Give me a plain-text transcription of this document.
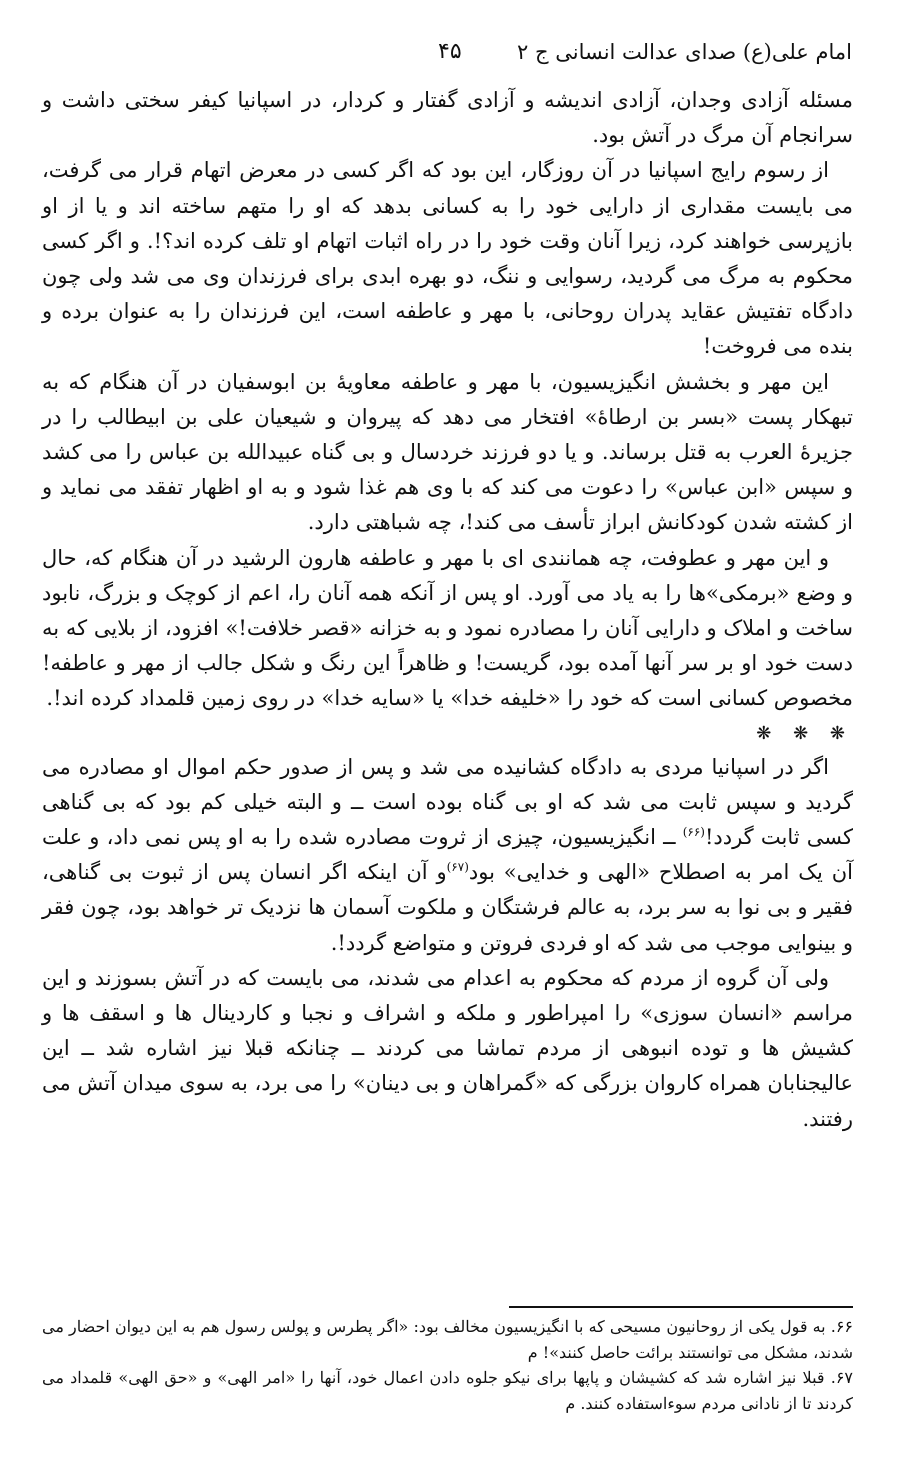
امام علی(ع) صدای عدالت انسانی ج ۲
۴۵

مسئله آزادی وجدان، آزادی اندیشه و آزادی گفتار و کردار، در اسپانیا کیفر سختی داشت و سرانجام آن مرگ در آتش بود.

از رسوم رایج اسپانیا در آن روزگار، این بود که اگر کسی در معرض اتهام قرار می گرفت، می بایست مقداری از دارایی خود را به کسانی بدهد که او را متهم ساخته اند و یا از او بازپرسی خواهند کرد، زیرا آنان وقت خود را در راه اثبات اتهام او تلف کرده اند؟!. و اگر کسی محکوم به مرگ می گردید، رسوایی و ننگ، دو بهره ابدی برای فرزندان وی می شد ولی چون دادگاه تفتیش عقاید پدران روحانی، با مهر و عاطفه است، این فرزندان را به عنوان برده و بنده می فروخت!

این مهر و بخشش انگیزیسیون، با مهر و عاطفه معاویهٔ بن ابوسفیان در آن هنگام که به تبهکار پست «بسر بن ارطاهٔ» افتخار می دهد که پیروان و شیعیان علی بن ابیطالب را در جزیرهٔ العرب به قتل برساند. و یا دو فرزند خردسال و بی گناه عبیدالله بن عباس را می کشد و سپس «ابن عباس» را دعوت می کند که با وی هم غذا شود و به او اظهار تفقد می نماید و از کشته شدن کودکانش ابراز تأسف می کند!، چه شباهتی دارد.

و این مهر و عطوفت، چه همانندی ای با مهر و عاطفه هارون الرشید در آن هنگام که، حال و وضع «برمکی»ها را به یاد می آورد. او پس از آنکه همه آنان را، اعم از کوچک و بزرگ، نابود ساخت و املاک و دارایی آنان را مصادره نمود و به خزانه «قصر خلافت!» افزود، از بلایی که به دست خود او بر سر آنها آمده بود، گریست! و ظاهراً این رنگ و شکل جالب از مهر و عاطفه! مخصوص کسانی است که خود را «خلیفه خدا» یا «سایه خدا» در روی زمین قلمداد کرده اند!.

❋ ❋ ❋

اگر در اسپانیا مردی به دادگاه کشانیده می شد و پس از صدور حکم اموال او مصادره می گردید و سپس ثابت می شد که او بی گناه بوده است ــ و البته خیلی کم بود که بی گناهی کسی ثابت گردد!$^{(۶۶)}$ ــ انگیزیسیون، چیزی از ثروت مصادره شده را به او پس نمی داد، و علت آن یک امر به اصطلاح «الهی و خدایی» بود$^{(۶۷)}$و آن اینکه اگر انسان پس از ثبوت بی گناهی، فقیر و بی نوا به سر برد، به عالم فرشتگان و ملکوت آسمان ها نزدیک تر خواهد بود، چون فقر و بینوایی موجب می شد که او فردی فروتن و متواضع گردد!.

ولی آن گروه از مردم که محکوم به اعدام می شدند، می بایست که در آتش بسوزند و این مراسم «انسان سوزی» را امپراطور و ملکه و اشراف و نجبا و کاردینال ها و اسقف ها و کشیش ها و توده انبوهی از مردم تماشا می کردند ــ چنانکه قبلا نیز اشاره شد ــ این عالیجنابان همراه کاروان بزرگی که «گمراهان و بی دینان» را می برد، به سوی میدان آتش می رفتند.

۶۶. به قول یکی از روحانیون مسیحی که با انگیزیسیون مخالف بود: «اگر پطرس و پولس رسول هم به این دیوان احضار می شدند، مشکل می توانستند برائت حاصل کنند»! م

۶۷. قبلا نیز اشاره شد که کشیشان و پاپها برای نیکو جلوه دادن اعمال خود، آنها را «امر الهی» و «حق الهی» قلمداد می کردند تا از نادانی مردم سوءاستفاده کنند. م
